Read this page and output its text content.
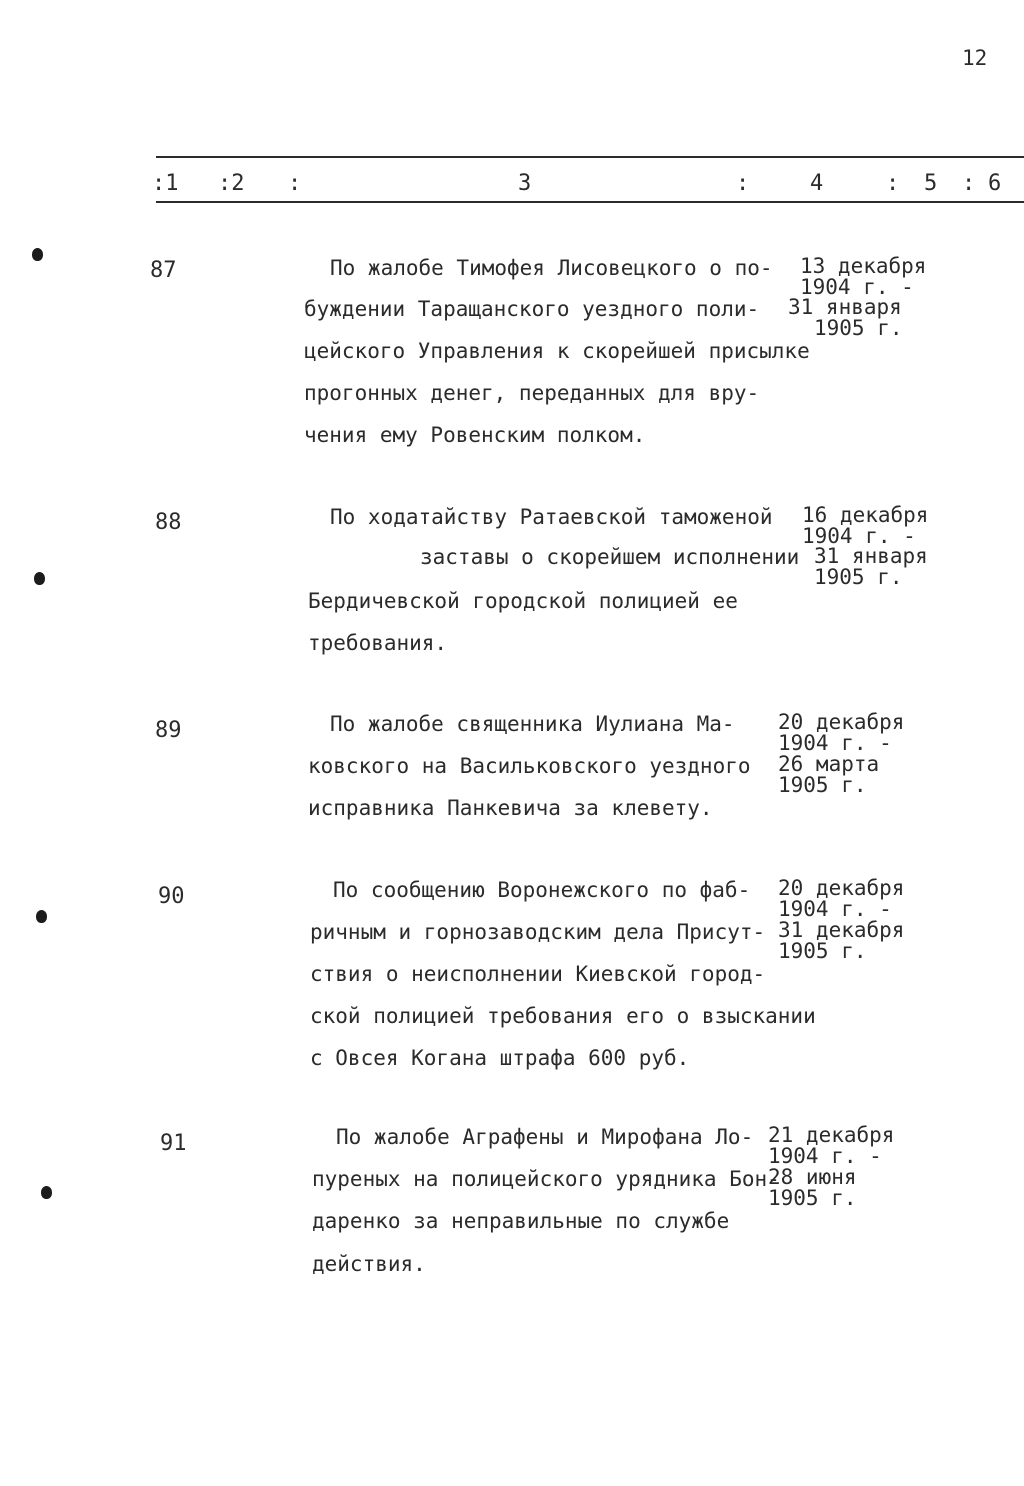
12
:1 :2 :	3	:	4	: 5 : 6
87	По жалобе Тимофея Лисовецкого о по-
буждении Таращанского уездного поли-
цейского Управления к скорейшей присылке
прогонных денег, переданных для вру-
чения ему Ровенским полком.
13 декабря
1904 г. -
31 января
1905 г.
88	По ходатайству Ратаевской таможеной
заставы о скорейшем исполнении
Бердичевской городской полицией ее
требования.
16 декабря
1904 г. -
31 января
1905 г.
89	По жалобе священника Иулиана Ма-
ковского на Васильковского уездного
исправника Панкевича за клевету.
20 декабря
1904 г. -
26 марта
1905 г.
90	По сообщению Воронежского по фаб-
ричным и горнозаводским дела Присут-
ствия о неисполнении Киевской город-
ской полицией требования его о взыскании
с Овсея Когана штрафа 600 руб.
20 декабря
1904 г. -
31 декабря
1905 г.
91	По жалобе Аграфены и Мирофана Ло-
пуреных на полицейского урядника Бон-
даренко за неправильные по службе
действия.
21 декабря
1904 г. -
28 июня
1905 г.
